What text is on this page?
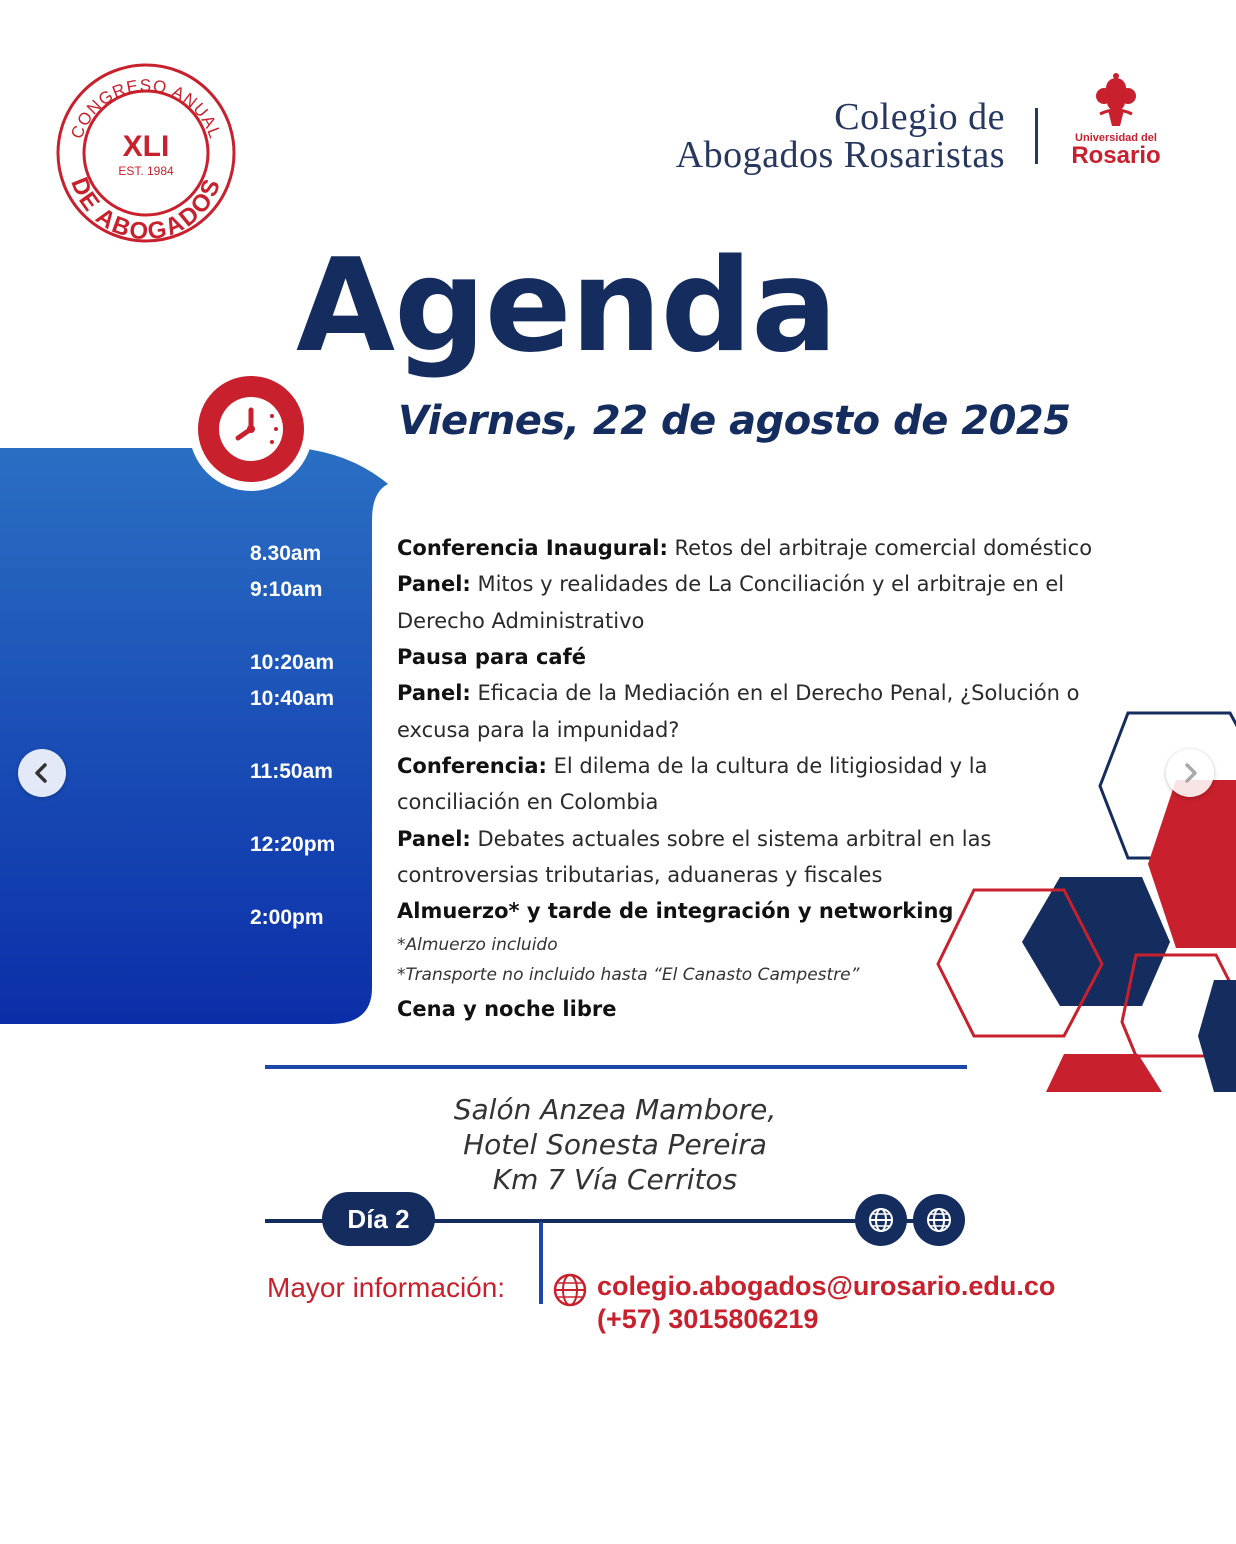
CONGRESO ANUAL
DE ABOGADOS
XLI
EST. 1984
Colegio de
Abogados Rosaristas	Universidad del
Rosario
Agenda
Viernes, 22 de agosto de 2025
8.30am
9:10am
10:20am
10:40am
11:50am
12:20pm
2:00pm
Conferencia Inaugural: Retos del arbitraje comercial doméstico
Panel: Mitos y realidades de La Conciliación y el arbitraje en el
Derecho Administrativo
Pausa para café
Panel: Eficacia de la Mediación en el Derecho Penal, ¿Solución o
excusa para la impunidad?
Conferencia: El dilema de la cultura de litigiosidad y la
conciliación en Colombia
Panel: Debates actuales sobre el sistema arbitral en las
controversias tributarias, aduaneras y fiscales
Almuerzo* y tarde de integración y networking
*Almuerzo incluido
*Transporte no incluido hasta “El Canasto Campestre”
Cena y noche libre
Salón Anzea Mambore,
Hotel Sonesta Pereira
Km 7 Vía Cerritos
Día 2
Mayor información:	colegio.abogados@urosario.edu.co
(+57) 3015806219
